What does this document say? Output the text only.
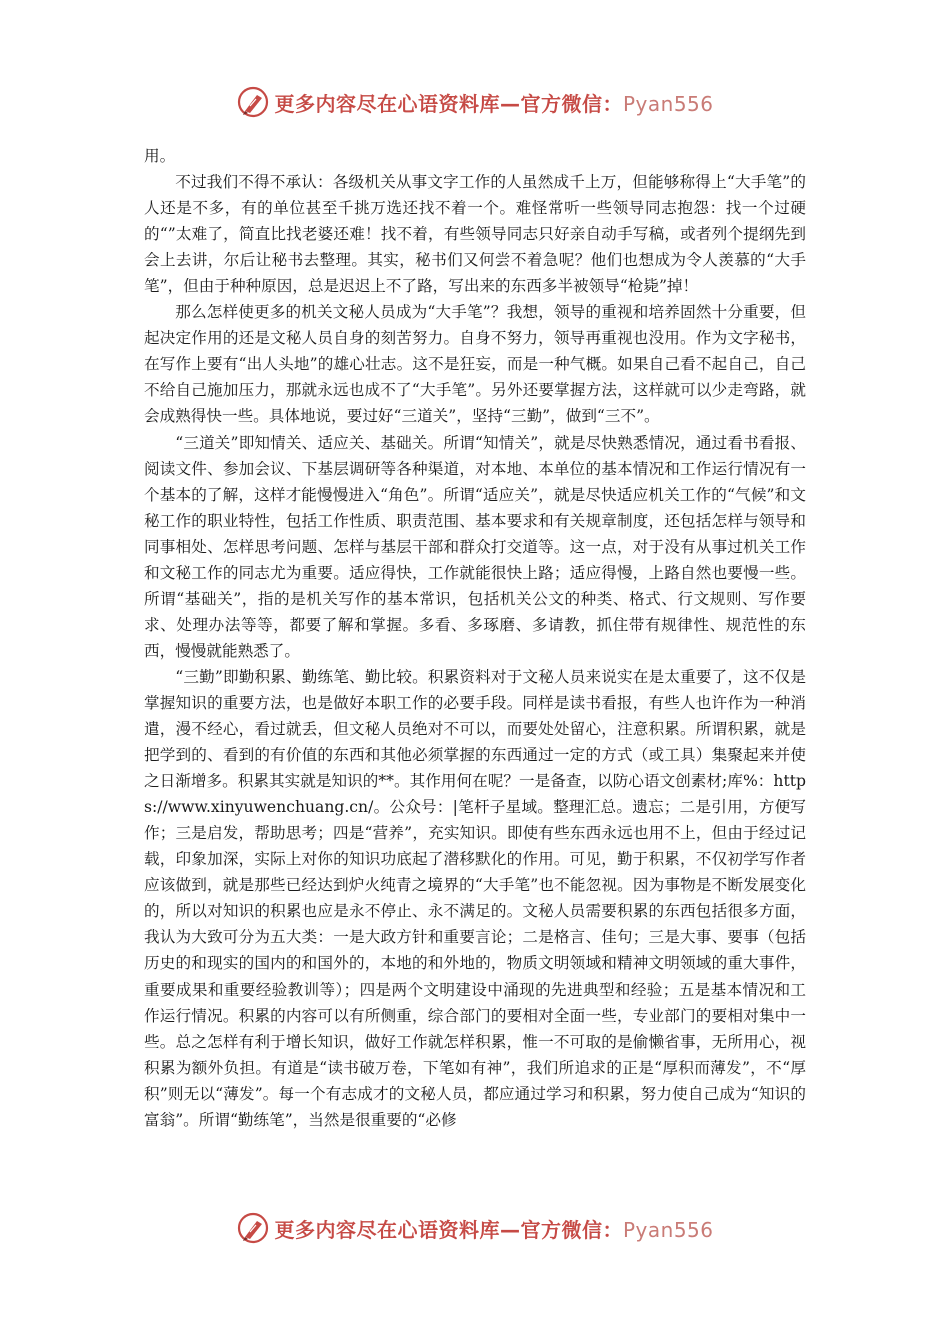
更多内容尽在心语资料库—官方微信：Pyan556

用。

不过我们不得不承认：各级机关从事文字工作的人虽然成千上万，但能够称得上“大手笔”的人还是不多，有的单位甚至千挑万选还找不着一个。难怪常听一些领导同志抱怨：找一个过硬的“”太难了，简直比找老婆还难！找不着，有些领导同志只好亲自动手写稿，或者列个提纲先到会上去讲，尔后让秘书去整理。其实，秘书们又何尝不着急呢？他们也想成为令人羡慕的“大手笔”，但由于种种原因，总是迟迟上不了路，写出来的东西多半被领导“枪毙”掉！

那么怎样使更多的机关文秘人员成为“大手笔”？我想，领导的重视和培养固然十分重要，但起决定作用的还是文秘人员自身的刻苦努力。自身不努力，领导再重视也没用。作为文字秘书，在写作上要有“出人头地”的雄心壮志。这不是狂妄，而是一种气概。如果自己看不起自己，自己不给自己施加压力，那就永远也成不了“大手笔”。另外还要掌握方法，这样就可以少走弯路，就会成熟得快一些。具体地说，要过好“三道关”，坚持“三勤”，做到“三不”。

“三道关”即知情关、适应关、基础关。所谓“知情关”，就是尽快熟悉情况，通过看书看报、阅读文件、参加会议、下基层调研等各种渠道，对本地、本单位的基本情况和工作运行情况有一个基本的了解，这样才能慢慢进入“角色”。所谓“适应关”，就是尽快适应机关工作的“气候”和文秘工作的职业特性，包括工作性质、职责范围、基本要求和有关规章制度，还包括怎样与领导和同事相处、怎样思考问题、怎样与基层干部和群众打交道等。这一点，对于没有从事过机关工作和文秘工作的同志尤为重要。适应得快，工作就能很快上路；适应得慢，上路自然也要慢一些。所谓“基础关”，指的是机关写作的基本常识，包括机关公文的种类、格式、行文规则、写作要求、处理办法等等，都要了解和掌握。多看、多琢磨、多请教，抓住带有规律性、规范性的东西，慢慢就能熟悉了。

“三勤”即勤积累、勤练笔、勤比较。积累资料对于文秘人员来说实在是太重要了，这不仅是掌握知识的重要方法，也是做好本职工作的必要手段。同样是读书看报，有些人也许作为一种消遣，漫不经心，看过就丢，但文秘人员绝对不可以，而要处处留心，注意积累。所谓积累，就是把学到的、看到的有价值的东西和其他必须掌握的东西通过一定的方式（或工具）集聚起来并使之日渐增多。积累其实就是知识的**。其作用何在呢？一是备查，以防心语文创素材;库%：https://www.xinyuwenchuang.cn/。公众号：|笔杆子星域。整理汇总。遗忘；二是引用，方便写作；三是启发，帮助思考；四是“营养”，充实知识。即使有些东西永远也用不上，但由于经过记载，印象加深，实际上对你的知识功底起了潜移默化的作用。可见，勤于积累，不仅初学写作者应该做到，就是那些已经达到炉火纯青之境界的“大手笔”也不能忽视。因为事物是不断发展变化的，所以对知识的积累也应是永不停止、永不满足的。文秘人员需要积累的东西包括很多方面，我认为大致可分为五大类：一是大政方针和重要言论；二是格言、佳句；三是大事、要事（包括历史的和现实的国内的和国外的，本地的和外地的，物质文明领域和精神文明领域的重大事件，重要成果和重要经验教训等）；四是两个文明建设中涌现的先进典型和经验；五是基本情况和工作运行情况。积累的内容可以有所侧重，综合部门的要相对全面一些，专业部门的要相对集中一些。总之怎样有利于增长知识，做好工作就怎样积累，惟一不可取的是偷懒省事，无所用心，视积累为额外负担。有道是“读书破万卷，下笔如有神”，我们所追求的正是“厚积而薄发”，不“厚积”则无以“薄发”。每一个有志成才的文秘人员，都应通过学习和积累，努力使自己成为“知识的富翁”。所谓“勤练笔”，当然是很重要的“必修

更多内容尽在心语资料库—官方微信：Pyan556
